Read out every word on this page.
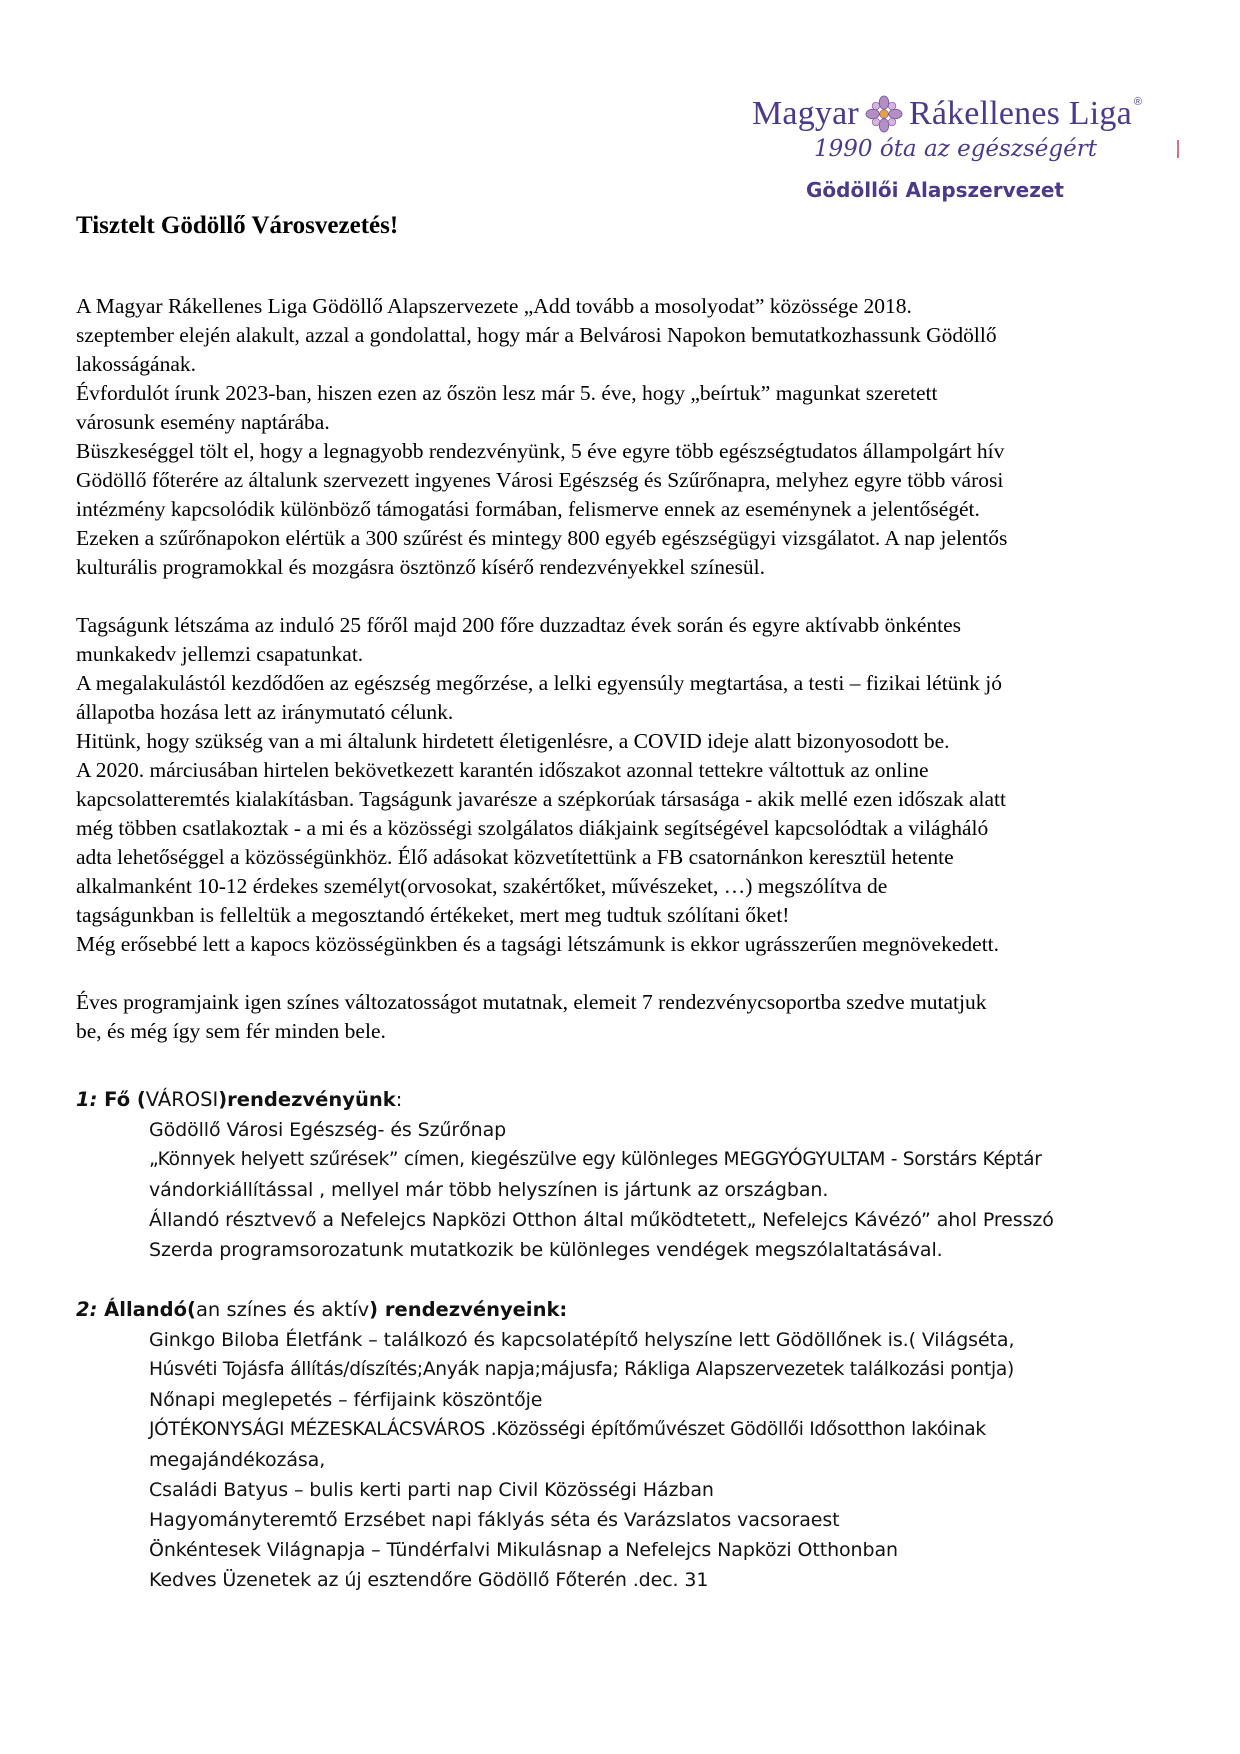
Magyar Rákellenes Liga ®
1990 óta az egészségért
Gödöllői Alapszervezet
Tisztelt Gödöllő Városvezetés!
A Magyar Rákellenes Liga Gödöllő Alapszervezete „Add tovább a mosolyodat” közössége 2018.
szeptember elején alakult, azzal a gondolattal, hogy már a Belvárosi Napokon bemutatkozhassunk Gödöllő
lakosságának.
Évfordulót írunk 2023-ban, hiszen ezen az őszön lesz már 5. éve, hogy „beírtuk” magunkat szeretett
városunk esemény naptárába.
Büszkeséggel tölt el, hogy a legnagyobb rendezvényünk, 5 éve egyre több egészségtudatos állampolgárt hív
Gödöllő főterére az általunk szervezett ingyenes Városi Egészség és Szűrőnapra, melyhez egyre több városi
intézmény kapcsolódik különböző támogatási formában, felismerve ennek az eseménynek a jelentőségét.
Ezeken a szűrőnapokon elértük a 300 szűrést és mintegy 800 egyéb egészségügyi vizsgálatot. A nap jelentős
kulturális programokkal és mozgásra ösztönző kísérő rendezvényekkel színesül.
Tagságunk létszáma az induló 25 főről majd 200 főre duzzadtaz évek során és egyre aktívabb önkéntes
munkakedv jellemzi csapatunkat.
A megalakulástól kezdődően az egészség megőrzése, a lelki egyensúly megtartása, a testi – fizikai létünk jó
állapotba hozása lett az iránymutató célunk.
Hitünk, hogy szükség van a mi általunk hirdetett életigenlésre, a COVID ideje alatt bizonyosodott be.
A 2020. márciusában hirtelen bekövetkezett karantén időszakot azonnal tettekre váltottuk az online
kapcsolatteremtés kialakításban. Tagságunk javarésze a szépkorúak társasága - akik mellé ezen időszak alatt
még többen csatlakoztak - a mi és a közösségi szolgálatos diákjaink segítségével kapcsolódtak a világháló
adta lehetőséggel a közösségünkhöz. Élő adásokat közvetítettünk a FB csatornánkon keresztül hetente
alkalmanként 10-12 érdekes személyt(orvosokat, szakértőket, művészeket, …) megszólítva de
tagságunkban is felleltük a megosztandó értékeket, mert meg tudtuk szólítani őket!
Még erősebbé lett a kapocs közösségünkben és a tagsági létszámunk is ekkor ugrásszerűen megnövekedett.
Éves programjaink igen színes változatosságot mutatnak, elemeit 7 rendezvénycsoportba szedve mutatjuk
be, és még így sem fér minden bele.
1: Fő (VÁROSI)rendezvényünk:
Gödöllő Városi Egészség- és Szűrőnap
„Könnyek helyett szűrések” címen, kiegészülve egy különleges MEGGYÓGYULTAM - Sorstárs Képtár
vándorkiállítással , mellyel már több helyszínen is jártunk az országban.
Állandó résztvevő a Nefelejcs Napközi Otthon által működtetett„ Nefelejcs Kávézó” ahol Presszó
Szerda programsorozatunk mutatkozik be különleges vendégek megszólaltatásával.
2: Állandó(an színes és aktív) rendezvényeink:
Ginkgo Biloba Életfánk – találkozó és kapcsolatépítő helyszíne lett Gödöllőnek is.( Világséta,
Húsvéti Tojásfa állítás/díszítés;Anyák napja;májusfa; Rákliga Alapszervezetek találkozási pontja)
Nőnapi meglepetés – férfijaink köszöntője
JÓTÉKONYSÁGI MÉZESKALÁCSVÁROS .Közösségi építőművészet Gödöllői Idősotthon lakóinak
megajándékozása,
Családi Batyus – bulis kerti parti nap Civil Közösségi Házban
Hagyományteremtő Erzsébet napi fáklyás séta és Varázslatos vacsoraest
Önkéntesek Világnapja – Tündérfalvi Mikulásnap a Nefelejcs Napközi Otthonban
Kedves Üzenetek az új esztendőre Gödöllő Főterén .dec. 31
